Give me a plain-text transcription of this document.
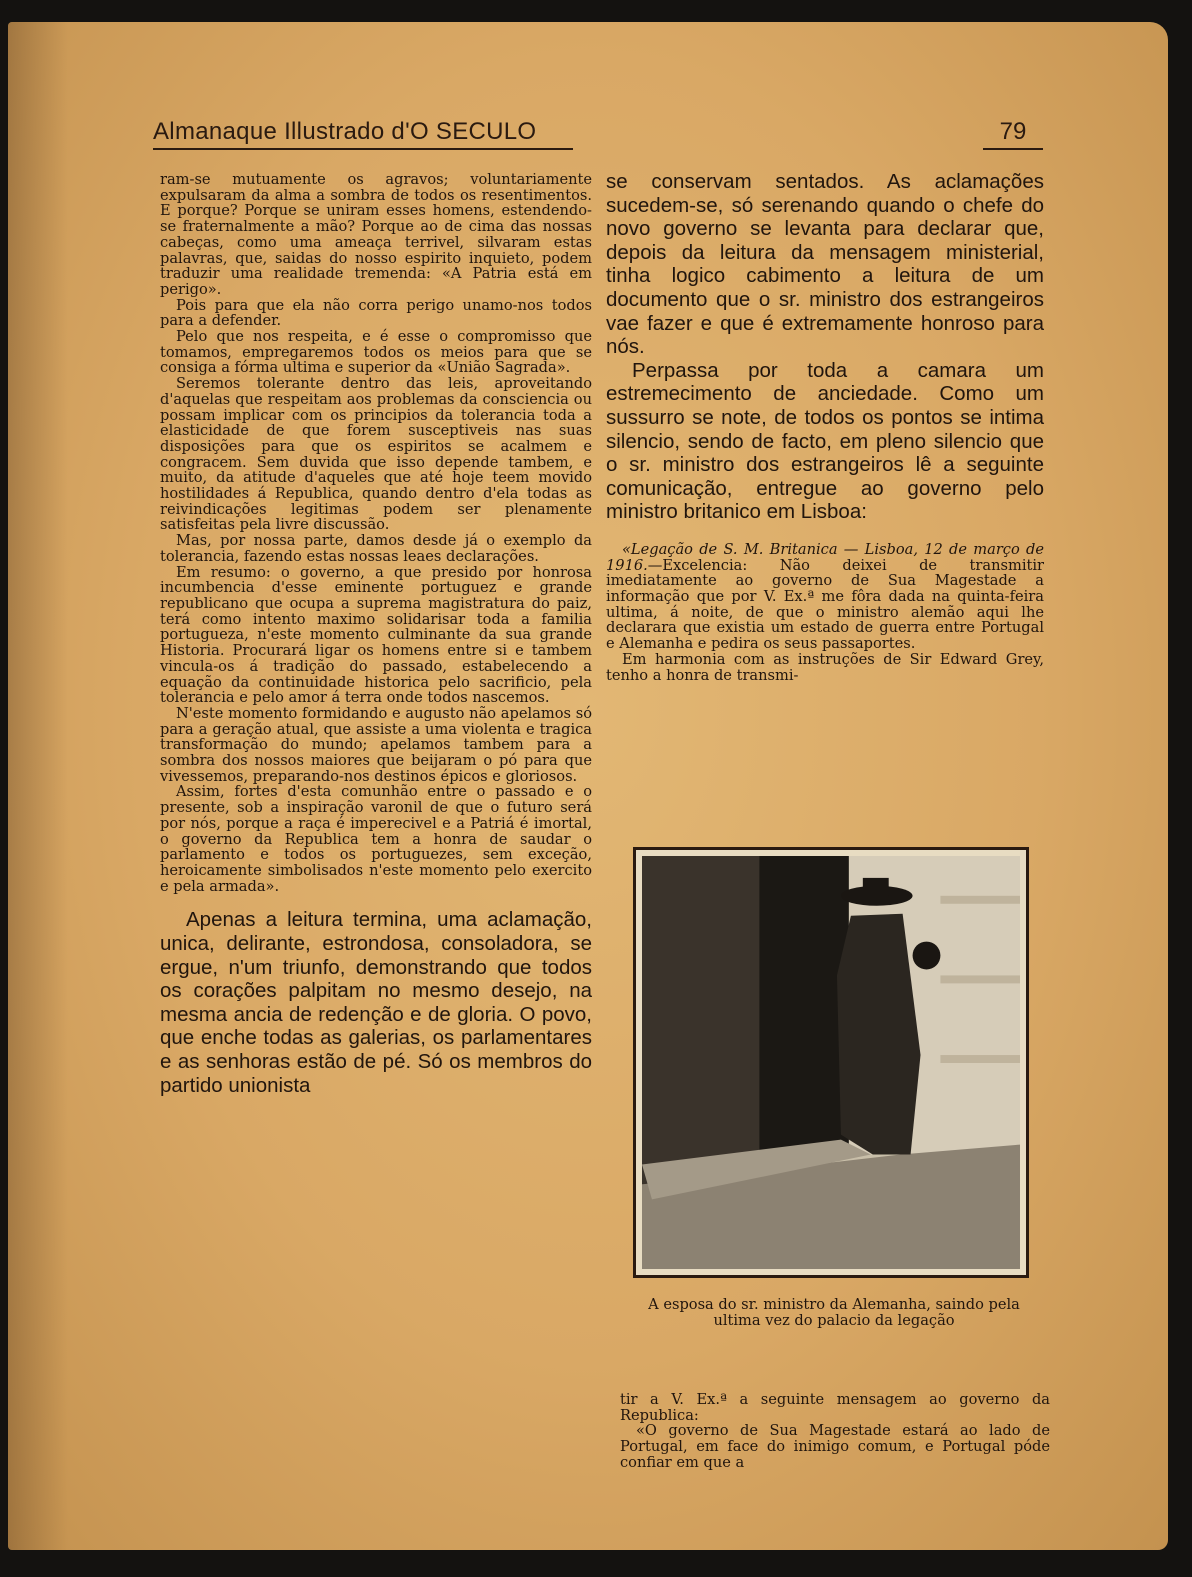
Almanaque Illustrado d'O SECULO	79

ram-se mutuamente os agravos; voluntariamente expulsaram da alma a sombra de todos os resentimentos. E porque? Porque se uniram esses homens, estendendo-se fraternalmente a mão? Porque ao de cima das nossas cabeças, como uma ameaça terrivel, silvaram estas palavras, que, saidas do nosso espirito inquieto, podem traduzir uma realidade tremenda: «A Patria está em perigo».

Pois para que ela não corra perigo unamo-nos todos para a defender.

Pelo que nos respeita, e é esse o compromisso que tomamos, empregaremos todos os meios para que se consiga a fórma ultima e superior da «União Sagrada».

Seremos tolerante dentro das leis, aproveitando d'aquelas que respeitam aos problemas da consciencia ou possam implicar com os principios da tolerancia toda a elasticidade de que forem susceptiveis nas suas disposições para que os espiritos se acalmem e congracem. Sem duvida que isso depende tambem, e muito, da atitude d'aqueles que até hoje teem movido hostilidades á Republica, quando dentro d'ela todas as reivindicações legitimas podem ser plenamente satisfeitas pela livre discussão.

Mas, por nossa parte, damos desde já o exemplo da tolerancia, fazendo estas nossas leaes declarações.

Em resumo: o governo, a que presido por honrosa incumbencia d'esse eminente portuguez e grande republicano que ocupa a suprema magistratura do paiz, terá como intento maximo solidarisar toda a familia portugueza, n'este momento culminante da sua grande Historia. Procurará ligar os homens entre si e tambem vincula-os á tradição do passado, estabelecendo a equação da continuidade historica pelo sacrificio, pela tolerancia e pelo amor á terra onde todos nascemos.

N'este momento formidando e augusto não apelamos só para a geração atual, que assiste a uma violenta e tragica transformação do mundo; apelamos tambem para a sombra dos nossos maiores que beijaram o pó para que vivessemos, preparando-nos destinos épicos e gloriosos.

Assim, fortes d'esta comunhão entre o passado e o presente, sob a inspiração varonil de que o futuro será por nós, porque a raça é imperecivel e a Patriá é imortal, o governo da Republica tem a honra de saudar o parlamento e todos os portuguezes, sem exceção, heroicamente simbolisados n'este momento pelo exercito e pela armada».

Apenas a leitura termina, uma aclamação, unica, delirante, estrondosa, consoladora, se ergue, n'um triunfo, demonstrando que todos os corações palpitam no mesmo desejo, na mesma ancia de redenção e de gloria. O povo, que enche todas as galerias, os parlamentares e as senhoras estão de pé. Só os membros do partido unionista

se conservam sentados. As aclamações sucedem-se, só serenando quando o chefe do novo governo se levanta para declarar que, depois da leitura da mensagem ministerial, tinha logico cabimento a leitura de um documento que o sr. ministro dos estrangeiros vae fazer e que é extremamente honroso para nós.

Perpassa por toda a camara um estremecimento de anciedade. Como um sussurro se note, de todos os pontos se intima silencio, sendo de facto, em pleno silencio que o sr. ministro dos estrangeiros lê a seguinte comunicação, entregue ao governo pelo ministro britanico em Lisboa:

«Legação de S. M. Britanica — Lisboa, 12 de março de 1916.—Excelencia: Não deixei de transmitir imediatamente ao governo de Sua Magestade a informação que por V. Ex.ª me fôra dada na quinta-feira ultima, á noite, de que o ministro alemão aqui lhe declarara que existia um estado de guerra entre Portugal e Alemanha e pedira os seus passaportes.

Em harmonia com as instruções de Sir Edward Grey, tenho a honra de transmi-

A esposa do sr. ministro da Alemanha, saindo pela ultima vez do palacio da legação

tir a V. Ex.ª a seguinte mensagem ao governo da Republica:

«O governo de Sua Magestade estará ao lado de Portugal, em face do inimigo comum, e Portugal póde confiar em que a
